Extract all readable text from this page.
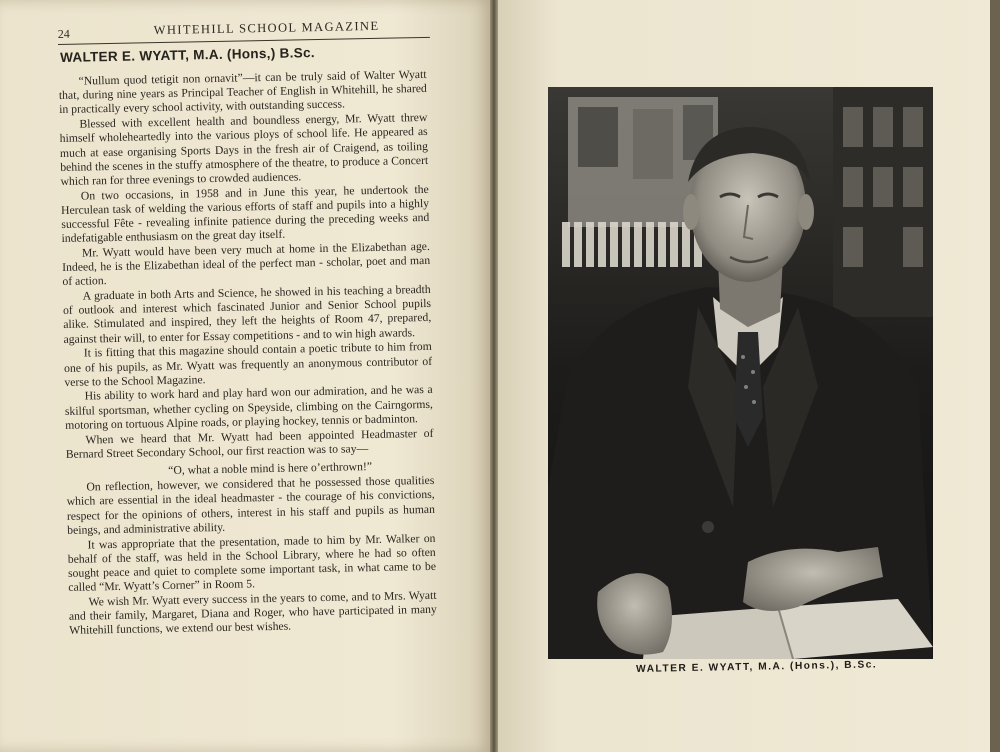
24	WHITEHILL SCHOOL MAGAZINE
WALTER E. WYATT, M.A. (Hons,) B.Sc.

“Nullum quod tetigit non ornavit”—it can be truly said of Walter Wyatt that, during nine years as Principal Teacher of English in Whitehill, he shared in practically every school activity, with outstanding success.

Blessed with excellent health and boundless energy, Mr. Wyatt threw himself wholeheartedly into the various ploys of school life. He appeared as much at ease organising Sports Days in the fresh air of Craigend, as toiling behind the scenes in the stuffy atmosphere of the theatre, to produce a Concert which ran for three evenings to crowded audiences.

On two occasions, in 1958 and in June this year, he undertook the Herculean task of welding the various efforts of staff and pupils into a highly successful Fête - revealing infinite patience during the preceding weeks and indefatigable enthusiasm on the great day itself.

Mr. Wyatt would have been very much at home in the Elizabethan age. Indeed, he is the Elizabethan ideal of the perfect man - scholar, poet and man of action.

A graduate in both Arts and Science, he showed in his teaching a breadth of outlook and interest which fascinated Junior and Senior School pupils alike. Stimulated and inspired, they left the heights of Room 47, prepared, against their will, to enter for Essay competitions - and to win high awards.

It is fitting that this magazine should contain a poetic tribute to him from one of his pupils, as Mr. Wyatt was frequently an anonymous contributor of verse to the School Magazine.

His ability to work hard and play hard won our admiration, and he was a skilful sportsman, whether cycling on Speyside, climbing on the Cairngorms, motoring on tortuous Alpine roads, or playing hockey, tennis or badminton.

When we heard that Mr. Wyatt had been appointed Headmaster of Bernard Street Secondary School, our first reaction was to say—

“O, what a noble mind is here o’erthrown!”

On reflection, however, we considered that he possessed those qualities which are essential in the ideal headmaster - the courage of his convictions, respect for the opinions of others, interest in his staff and pupils as human beings, and administrative ability.

It was appropriate that the presentation, made to him by Mr. Walker on behalf of the staff, was held in the School Library, where he had so often sought peace and quiet to complete some important task, in what came to be called “Mr. Wyatt’s Corner” in Room 5.

We wish Mr. Wyatt every success in the years to come, and to Mrs. Wyatt and their family, Margaret, Diana and Roger, who have participated in many Whitehill functions, we extend our best wishes.

WALTER E. WYATT, M.A. (Hons.), B.Sc.
